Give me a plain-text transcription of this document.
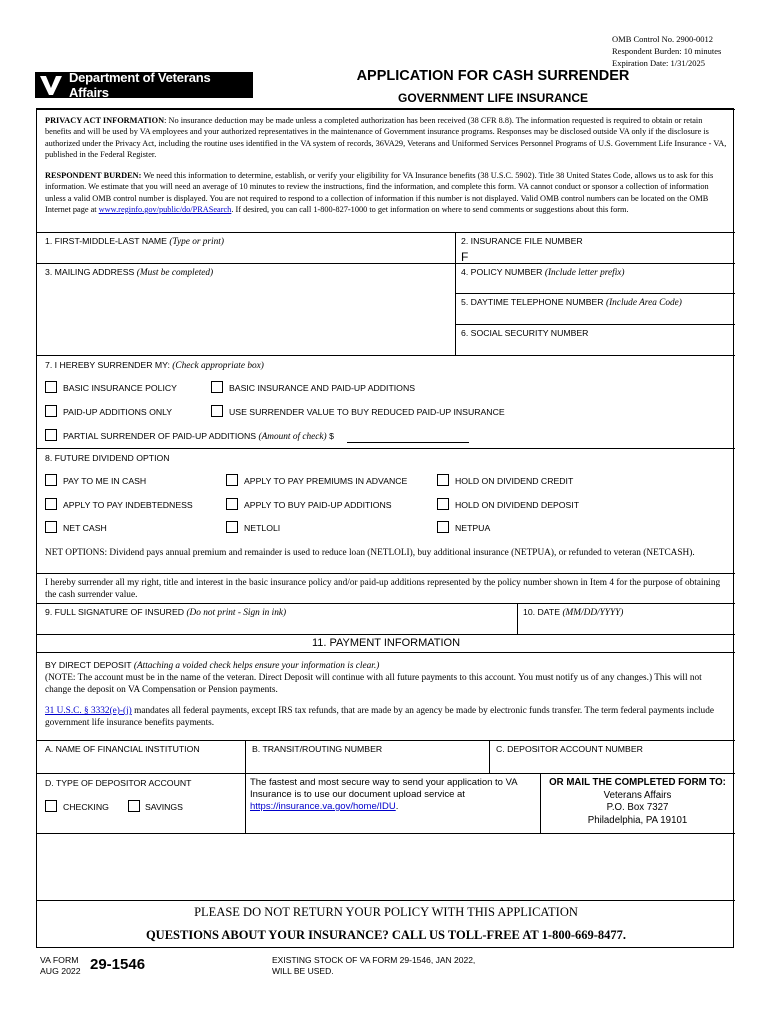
OMB Control No. 2900-0012
Respondent Burden: 10 minutes
Expiration Date: 1/31/2025
Department of Veterans Affairs
APPLICATION FOR CASH SURRENDER
GOVERNMENT LIFE INSURANCE
PRIVACY ACT INFORMATION: No insurance deduction may be made unless a completed authorization has been received (38 CFR 8.8). The information requested is required to obtain or retain benefits and will be used by VA employees and your authorized representatives in the maintenance of Government insurance programs. Responses may be disclosed outside VA only if the disclosure is authorized under the Privacy Act, including the routine uses identified in the VA system of records, 36VA29, Veterans and Uniformed Services Personnel Programs of U.S. Government Life Insurance - VA, published in the Federal Register.
RESPONDENT BURDEN: We need this information to determine, establish, or verify your eligibility for VA Insurance benefits (38 U.S.C. 5902). Title 38 United States Code, allows us to ask for this information. We estimate that you will need an average of 10 minutes to review the instructions, find the information, and complete this form. VA cannot conduct or sponsor a collection of information unless a valid OMB control number is displayed. You are not required to respond to a collection of information if this number is not displayed. Valid OMB control numbers can be located on the OMB Internet page at www.reginfo.gov/public/do/PRASearch. If desired, you can call 1-800-827-1000 to get information on where to send comments or suggestions about this form.
1. FIRST-MIDDLE-LAST NAME (Type or print)	2. INSURANCE FILE NUMBER
F
3. MAILING ADDRESS (Must be completed)	4. POLICY NUMBER (Include letter prefix)
5. DAYTIME TELEPHONE NUMBER (Include Area Code)
6. SOCIAL SECURITY NUMBER
7. I HEREBY SURRENDER MY: (Check appropriate box)
BASIC INSURANCE POLICY	BASIC INSURANCE AND PAID-UP ADDITIONS
PAID-UP ADDITIONS ONLY	USE SURRENDER VALUE TO BUY REDUCED PAID-UP INSURANCE
PARTIAL SURRENDER OF PAID-UP ADDITIONS (Amount of check) $
8. FUTURE DIVIDEND OPTION
PAY TO ME IN CASH	APPLY TO PAY PREMIUMS IN ADVANCE	HOLD ON DIVIDEND CREDIT
APPLY TO PAY INDEBTEDNESS	APPLY TO BUY PAID-UP ADDITIONS	HOLD ON DIVIDEND DEPOSIT
NET CASH	NETLOLI	NETPUA
NET OPTIONS: Dividend pays annual premium and remainder is used to reduce loan (NETLOLI), buy additional insurance (NETPUA), or refunded to veteran (NETCASH).
I hereby surrender all my right, title and interest in the basic insurance policy and/or paid-up additions represented by the policy number shown in Item 4 for the purpose of obtaining the cash surrender value.
9. FULL SIGNATURE OF INSURED (Do not print - Sign in ink)	10. DATE (MM/DD/YYYY)
11. PAYMENT INFORMATION
BY DIRECT DEPOSIT (Attaching a voided check helps ensure your information is clear.)
(NOTE: The account must be in the name of the veteran. Direct Deposit will continue with all future payments to this account. You must notify us of any changes.) This will not change the deposit on VA Compensation or Pension payments.
31 U.S.C. § 3332(e)-(j) mandates all federal payments, except IRS tax refunds, that are made by an agency be made by electronic funds transfer. The term federal payments include government life insurance benefits payments.
A. NAME OF FINANCIAL INSTITUTION	B. TRANSIT/ROUTING NUMBER	C. DEPOSITOR ACCOUNT NUMBER
D. TYPE OF DEPOSITOR ACCOUNT
CHECKING	SAVINGS
The fastest and most secure way to send your application to VA Insurance is to use our document upload service at https://insurance.va.gov/home/IDU.
OR MAIL THE COMPLETED FORM TO:
Veterans Affairs
P.O. Box 7327
Philadelphia, PA 19101
PLEASE DO NOT RETURN YOUR POLICY WITH THIS APPLICATION
QUESTIONS ABOUT YOUR INSURANCE? CALL US TOLL-FREE AT 1-800-669-8477.
VA FORM
AUG 2022 29-1546	EXISTING STOCK OF VA FORM 29-1546, JAN 2022,
WILL BE USED.
